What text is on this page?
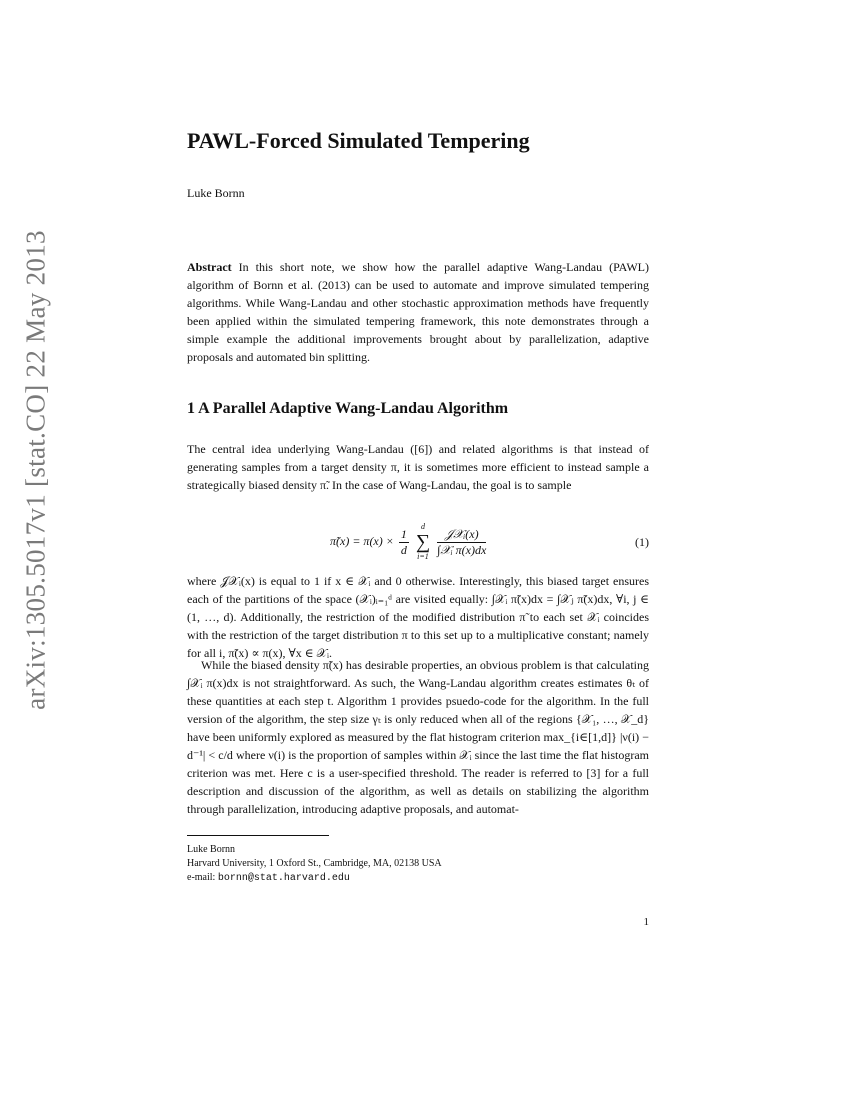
arXiv:1305.5017v1 [stat.CO] 22 May 2013
PAWL-Forced Simulated Tempering
Luke Bornn

Abstract In this short note, we show how the parallel adaptive Wang-Landau (PAWL) algorithm of Bornn et al. (2013) can be used to automate and improve simulated tempering algorithms. While Wang-Landau and other stochastic approximation methods have frequently been applied within the simulated tempering framework, this note demonstrates through a simple example the additional improvements brought about by parallelization, adaptive proposals and automated bin splitting.

1 A Parallel Adaptive Wang-Landau Algorithm

The central idea underlying Wang-Landau ([6]) and related algorithms is that instead of generating samples from a target density π, it is sometimes more efficient to instead sample a strategically biased density π̃. In the case of Wang-Landau, the goal is to sample

π̃(x) = $\pi(x) \times \frac{1}{d}$
	d
∑
i=1
$\frac{\text{𝒥𝒳ᵢ(x)}}{\text{∫𝒳ᵢ π(x)dx}}$	(1)

where 𝒥𝒳ᵢ(x) is equal to 1 if x ∈ 𝒳ᵢ and 0 otherwise. Interestingly, this biased target ensures each of the partitions of the space (𝒳ᵢ)ᵢ₌₁ᵈ are visited equally: ∫𝒳ᵢ π̃(x)dx = ∫𝒳ⱼ π̃(x)dx, ∀i, j ∈ (1, …, d). Additionally, the restriction of the modified distribution π̃ to each set 𝒳ᵢ coincides with the restriction of the target distribution π to this set up to a multiplicative constant; namely for all i, π̃(x) ∝ π(x), ∀x ∈ 𝒳ᵢ.

While the biased density π̃(x) has desirable properties, an obvious problem is that calculating ∫𝒳ᵢ π(x)dx is not straightforward. As such, the Wang-Landau algorithm creates estimates θₜ of these quantities at each step t. Algorithm 1 provides psuedo-code for the algorithm. In the full version of the algorithm, the step size γₜ is only reduced when all of the regions {𝒳₁, …, 𝒳_d} have been uniformly explored as measured by the flat histogram criterion max_{i∈[1,d]} |ν(i) − d⁻¹| < c/d where ν(i) is the proportion of samples within 𝒳ᵢ since the last time the flat histogram criterion was met. Here c is a user-specified threshold. The reader is referred to [3] for a full description and discussion of the algorithm, as well as details on stabilizing the algorithm through parallelization, introducing adaptive proposals, and automat-

Luke Bornn
Harvard University, 1 Oxford St., Cambridge, MA, 02138 USA
e-mail: bornn@stat.harvard.edu
1
